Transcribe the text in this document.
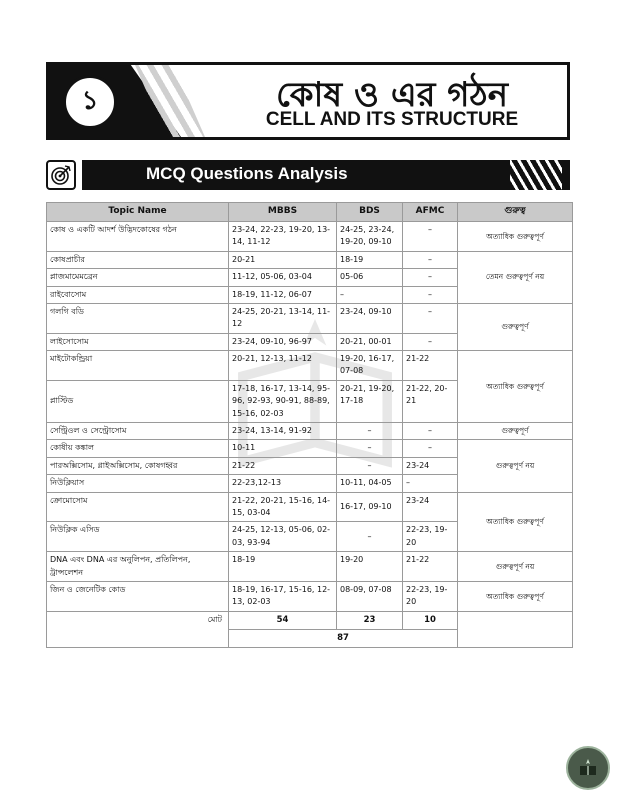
১	কোষ ও এর গঠন
CELL AND ITS STRUCTURE
MCQ Questions Analysis
Topic Name	MBBS	BDS	AFMC	গুরুত্ব
কোষ ও একটি আদর্শ উদ্ভিদকোষের গঠন	23-24, 22-23, 19-20, 13-14, 11-12	24-25, 23-24, 19-20, 09-10	–	অত্যাধিক গুরুত্বপূর্ণ
কোষপ্রাচীর	20-21	18-19	–	তেমন গুরুত্বপূর্ণ নয়
প্লাজমামেমব্রেন	11-12, 05-06, 03-04	05-06	–	
রাইবোসোম	18-19, 11-12, 06-07	–	–	
গলগি বডি	24-25, 20-21, 13-14, 11-12	23-24, 09-10	–	গুরুত্বপূর্ণ
লাইসোসোম	23-24, 09-10, 96-97	20-21, 00-01	–	
মাইটোকন্ড্রিয়া	20-21, 12-13, 11-12	19-20, 16-17, 07-08	21-22	অত্যাধিক গুরুত্বপূর্ণ
প্লাস্টিড	17-18, 16-17, 13-14, 95-96, 92-93, 90-91, 88-89, 15-16, 02-03	20-21, 19-20, 17-18	21-22, 20-21	
সেন্ট্রিওল ও সেন্ট্রোসোম	23-24, 13-14, 91-92	–	–	গুরুত্বপূর্ণ
কোষীয় কঙ্কাল	10-11	–	–	গুরুত্বপূর্ণ নয়
পারঅক্সিসোম, গ্লাইঅক্সিসোম, কোষগহ্বর	21-22	–	23-24	
নিউক্লিয়াস	22-23,12-13	10-11, 04-05	–	
ক্রোমোসোম	21-22, 20-21, 15-16, 14-15, 03-04	16-17, 09-10	23-24	অত্যাধিক গুরুত্বপূর্ণ
নিউক্লিক এসিড	24-25, 12-13, 05-06, 02-03, 93-94	–	22-23, 19-20	
DNA এবং DNA এর অনুলিপন, প্রতিলিপন, ট্রান্সলেশন	18-19	19-20	21-22	গুরুত্বপূর্ণ নয়
জিন ও জেনেটিক কোড	18-19, 16-17, 15-16, 12-13, 02-03	08-09, 07-08	22-23, 19-20	অত্যাধিক গুরুত্বপূর্ণ
মোট	54	23	10	
	87			
